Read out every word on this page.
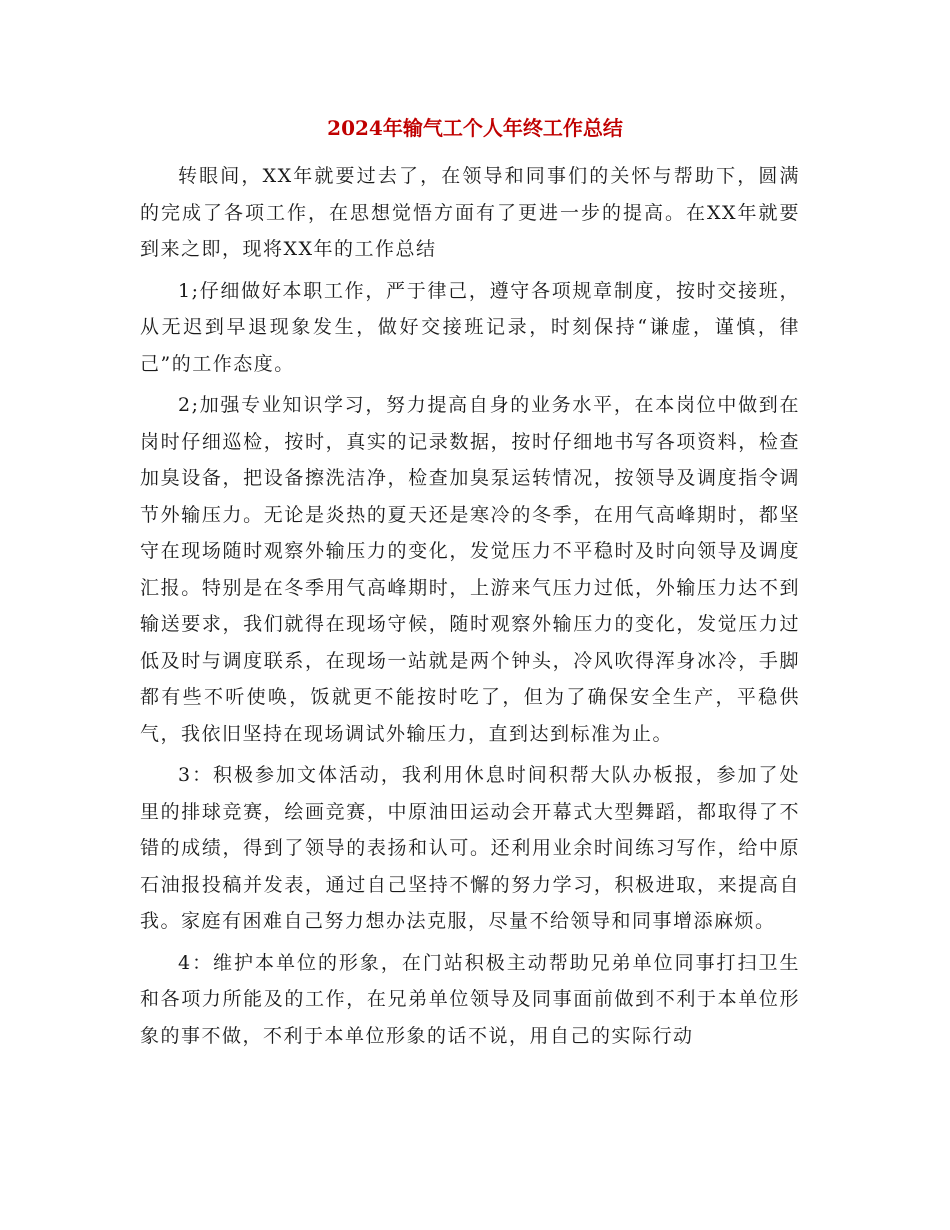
2024年输气工个人年终工作总结

转眼间，XX年就要过去了，在领导和同事们的关怀与帮助下，圆满的完成了各项工作，在思想觉悟方面有了更进一步的提高。在XX年就要到来之即，现将XX年的工作总结

1;仔细做好本职工作，严于律己，遵守各项规章制度，按时交接班，从无迟到早退现象发生，做好交接班记录，时刻保持“谦虚，谨慎，律己”的工作态度。

2;加强专业知识学习，努力提高自身的业务水平，在本岗位中做到在岗时仔细巡检，按时，真实的记录数据，按时仔细地书写各项资料，检查加臭设备，把设备擦洗洁净，检查加臭泵运转情况，按领导及调度指令调节外输压力。无论是炎热的夏天还是寒冷的冬季，在用气高峰期时，都坚守在现场随时观察外输压力的变化，发觉压力不平稳时及时向领导及调度汇报。特别是在冬季用气高峰期时，上游来气压力过低，外输压力达不到输送要求，我们就得在现场守候，随时观察外输压力的变化，发觉压力过低及时与调度联系，在现场一站就是两个钟头，冷风吹得浑身冰冷，手脚都有些不听使唤，饭就更不能按时吃了，但为了确保安全生产，平稳供气，我依旧坚持在现场调试外输压力，直到达到标准为止。

3：积极参加文体活动，我利用休息时间积帮大队办板报，参加了处里的排球竞赛，绘画竞赛，中原油田运动会开幕式大型舞蹈，都取得了不错的成绩，得到了领导的表扬和认可。还利用业余时间练习写作，给中原石油报投稿并发表，通过自己坚持不懈的努力学习，积极进取，来提高自我。家庭有困难自己努力想办法克服，尽量不给领导和同事增添麻烦。

4：维护本单位的形象，在门站积极主动帮助兄弟单位同事打扫卫生和各项力所能及的工作，在兄弟单位领导及同事面前做到不利于本单位形象的事不做，不利于本单位形象的话不说，用自己的实际行动
